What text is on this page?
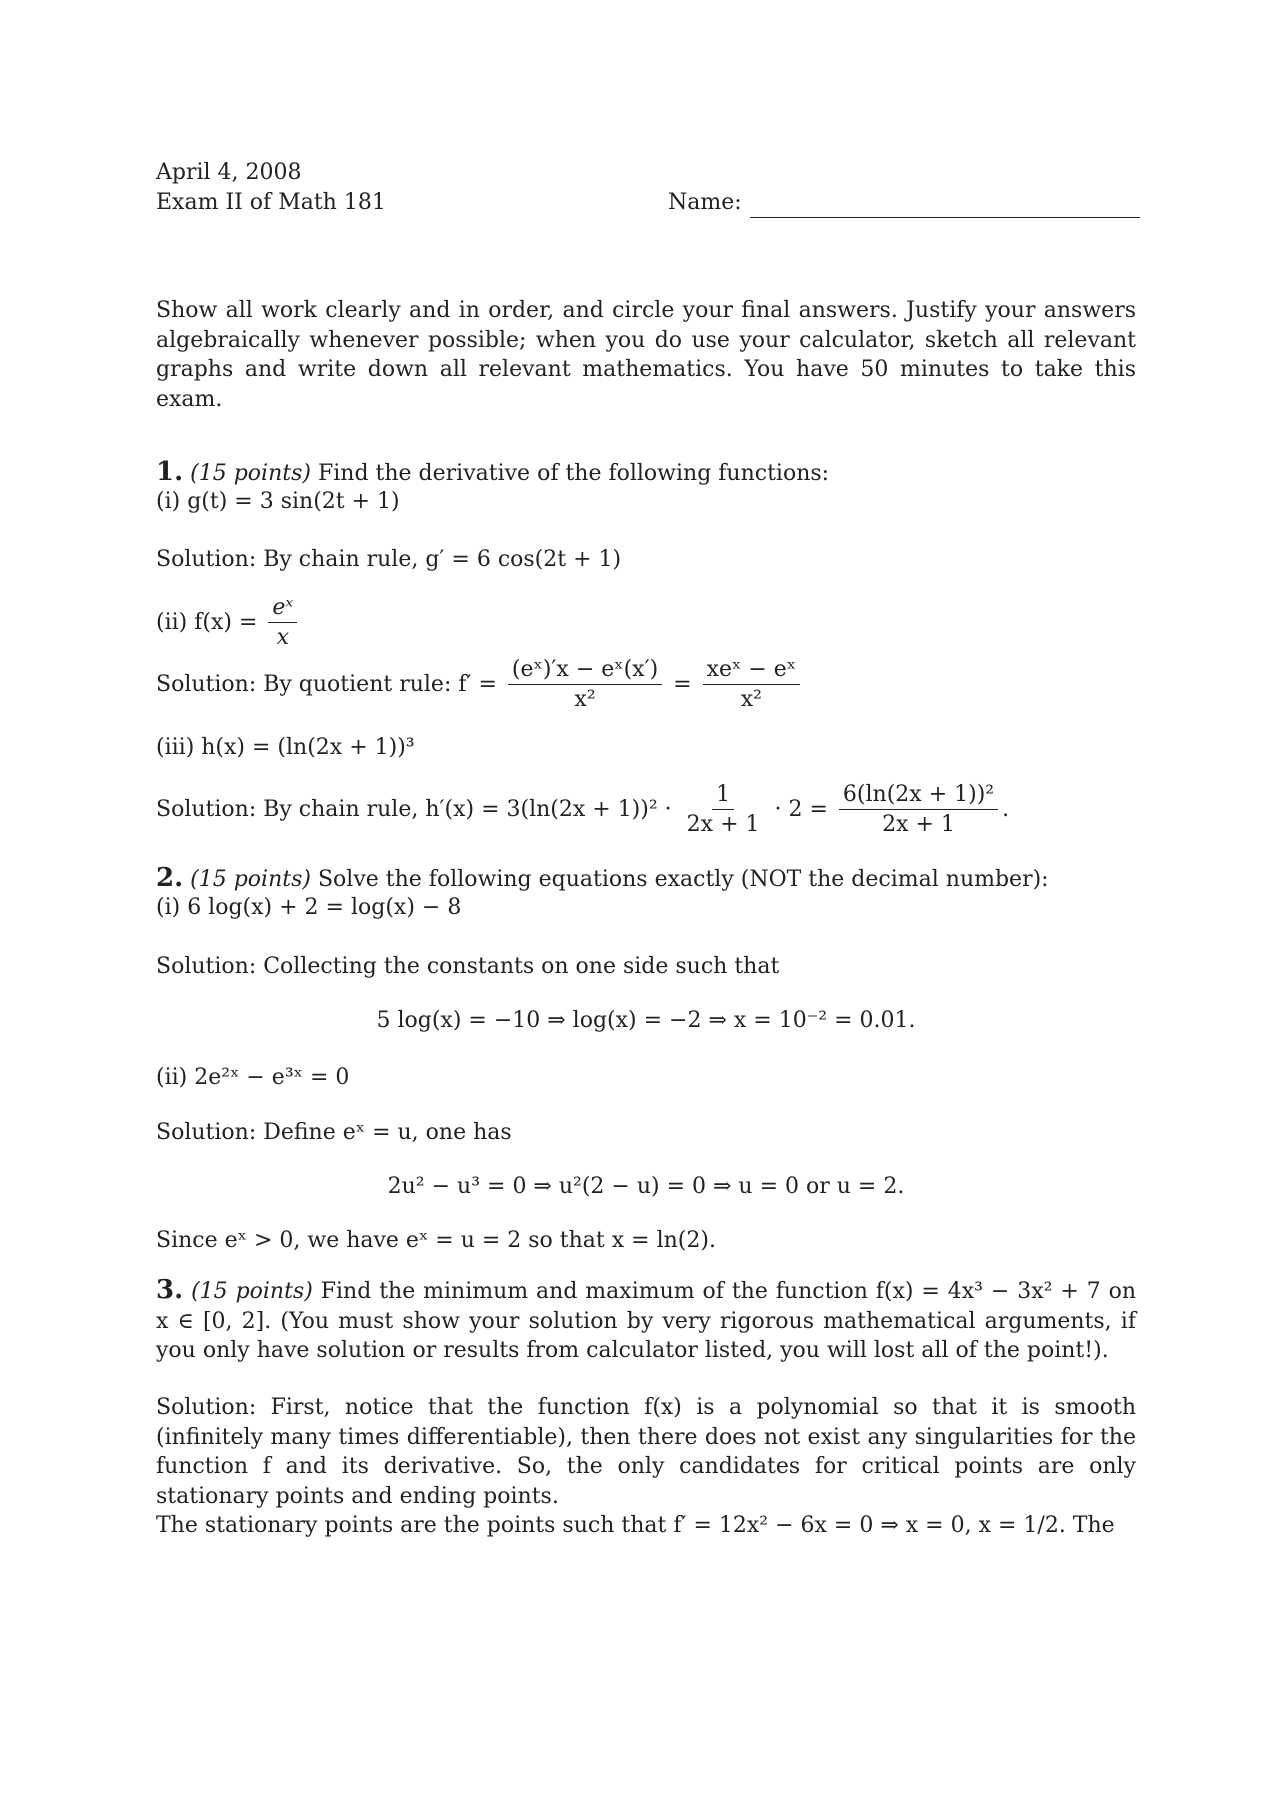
April 4, 2008
Exam II of Math 181	Name:
Show all work clearly and in order, and circle your final answers. Justify your answers algebraically whenever possible; when you do use your calculator, sketch all relevant graphs and write down all relevant mathematics. You have 50 minutes to take this exam.
1. (15 points) Find the derivative of the following functions:
(i) g(t) = 3 sin(2t + 1)
Solution: By chain rule, g′ = 6 cos(2t + 1)
(ii) $f(x) = \frac{\text{eˣ}}{x}$
Solution: By quotient rule: $f' = \frac{\text{(eˣ)′x − eˣ(x′)}}{\text{x²}} = \frac{\text{xeˣ − eˣ}}{\text{x²}}$
(iii) h(x) = (ln(2x + 1))³
Solution: By chain rule, $h'(x) = 3(\ln(2x + 1))^2 \cdot \frac{1}{2x + 1} \cdot 2 = \frac{\text{6(ln(2x + 1))²}}{2x + 1}$ .
2. (15 points) Solve the following equations exactly (NOT the decimal number):
(i) 6 log(x) + 2 = log(x) − 8
Solution: Collecting the constants on one side such that
5 log(x) = −10 ⇒ log(x) = −2 ⇒ x = 10⁻² = 0.01.
(ii) 2e²ˣ − e³ˣ = 0
Solution: Define eˣ = u, one has
2u² − u³ = 0 ⇒ u²(2 − u) = 0 ⇒ u = 0 or u = 2.
Since eˣ > 0, we have eˣ = u = 2 so that x = ln(2).
3. (15 points) Find the minimum and maximum of the function f(x) = 4x³ − 3x² + 7 on x ∈ [0, 2]. (You must show your solution by very rigorous mathematical arguments, if you only have solution or results from calculator listed, you will lost all of the point!).
Solution: First, notice that the function f(x) is a polynomial so that it is smooth (infinitely many times differentiable), then there does not exist any singularities for the function f and its derivative. So, the only candidates for critical points are only stationary points and ending points.
The stationary points are the points such that f′ = 12x² − 6x = 0 ⇒ x = 0, x = 1/2. The
